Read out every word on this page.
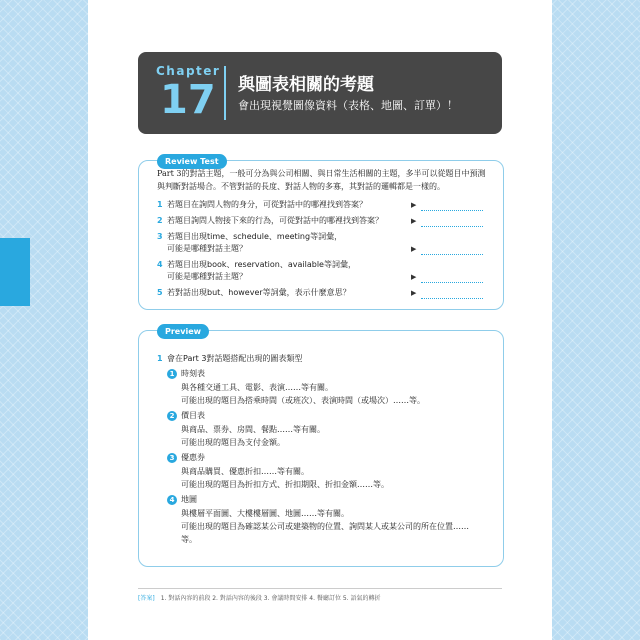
Chapter
17 與圖表相關的考題
會出現視覺圖像資料（表格、地圖、訂單）！
Review Test
Part 3的對話主題，一般可分為與公司相關、與日常生活相關的主題，多半可以從題目中預測與判斷對話場合。不管對話的長度、對話人物的多寡，其對話的邏輯都是一樣的。
1 若題目在詢問人物的身分，可從對話中的哪裡找到答案？	▶
2 若題目詢問人物接下來的行為，可從對話中的哪裡找到答案？	▶
3 若題目出現time、schedule、meeting等詞彙，
可能是哪種對話主題？	▶
4 若題目出現book、reservation、available等詞彙，
可能是哪種對話主題？	▶
5 若對話出現but、however等詞彙，表示什麼意思？	▶
Preview
1 會在Part 3對話題搭配出現的圖表類型
1 時刻表
與各種交通工具、電影、表演……等有關。
可能出現的題目為搭乘時間（或班次）、表演時間（或場次）……等。
2 價目表
與商品、票券、房間、餐點……等有關。
可能出現的題目為支付金額。
3 優惠券
與商品購買、優惠折扣……等有關。
可能出現的題目為折扣方式、折扣期限、折扣金額……等。
4 地圖
與樓層平面圖、大樓樓層圖、地圖……等有關。
可能出現的題目為確認某公司或建築物的位置、詢問某人或某公司的所在位置……
等。
[答案] 1. 對話內容的前段 2. 對話內容的後段 3. 會議時間安排 4. 餐廳訂位 5. 語氣的轉折
